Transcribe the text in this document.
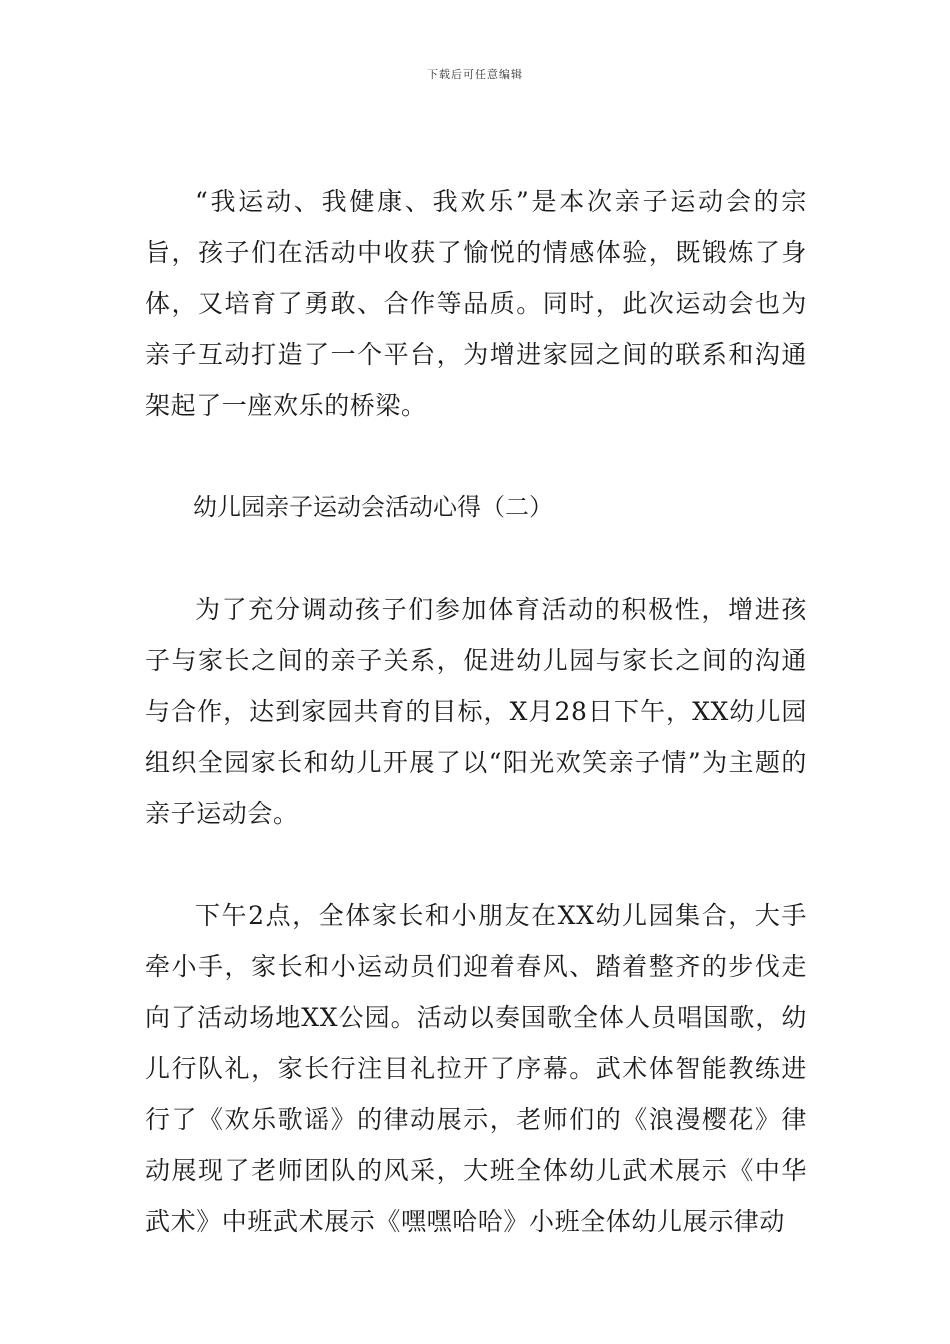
下载后可任意编辑

“我运动、我健康、我欢乐”是本次亲子运动会的宗旨，孩子们在活动中收获了愉悦的情感体验，既锻炼了身体，又培育了勇敢、合作等品质。同时，此次运动会也为亲子互动打造了一个平台，为增进家园之间的联系和沟通架起了一座欢乐的桥梁。

幼儿园亲子运动会活动心得（二）

为了充分调动孩子们参加体育活动的积极性，增进孩子与家长之间的亲子关系，促进幼儿园与家长之间的沟通与合作，达到家园共育的目标，X月28日下午，XX幼儿园组织全园家长和幼儿开展了以“阳光欢笑亲子情”为主题的亲子运动会。

下午2点，全体家长和小朋友在XX幼儿园集合，大手牵小手，家长和小运动员们迎着春风、踏着整齐的步伐走向了活动场地XX公园。活动以奏国歌全体人员唱国歌，幼儿行队礼，家长行注目礼拉开了序幕。武术体智能教练进行了《欢乐歌谣》的律动展示，老师们的《浪漫樱花》律动展现了老师团队的风采，大班全体幼儿武术展示《中华武术》中班武术展示《嘿嘿哈哈》小班全体幼儿展示律动
